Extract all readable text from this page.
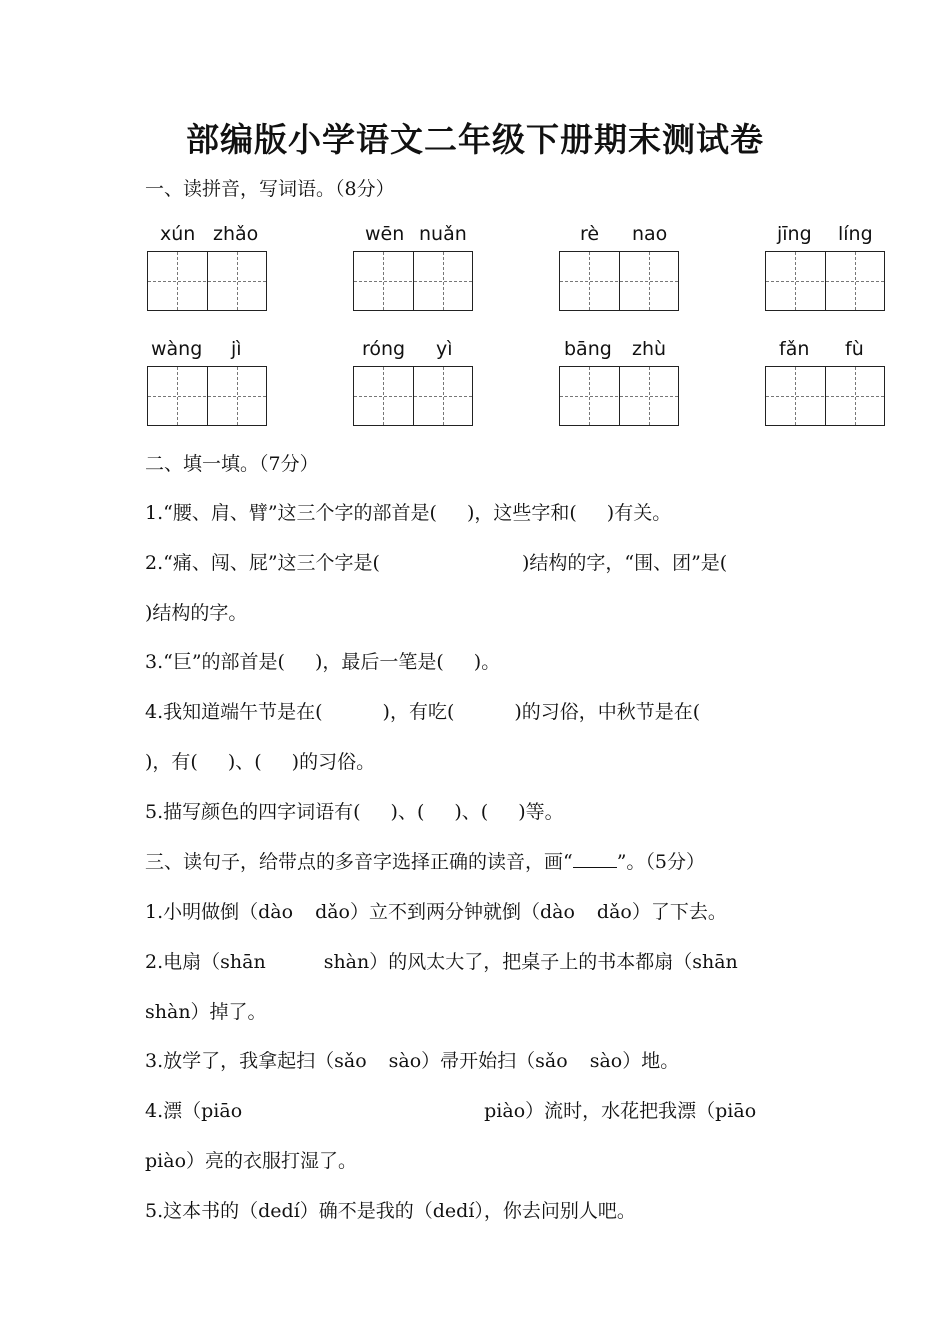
部编版小学语文二年级下册期末测试卷
一、读拼音，写词语。（8分）
xún zhǎo	wēn nuǎn	rè nao	jīng líng
wàng jì	róng yì	bāng zhù	fǎn fù
二、填一填。（7分）
1.“腰、肩、臂”这三个字的部首是( )，这些字和( )有关。
2.“痛、闯、屁”这三个字是(	)结构的字，“围、团”是(
)结构的字。
3.“巨”的部首是( )，最后一笔是( )。
4.我知道端午节是在(	)，有吃(	)的习俗，中秋节是在(
)，有( )、( )的习俗。
5.描写颜色的四字词语有( )、( )、( )等。
三、读句子，给带点的多音字选择正确的读音，画“ ”。（5分）
1.小明做倒（dào dǎo）立不到两分钟就倒（dào dǎo）了下去。
2.电扇（shān	shàn）的风太大了，把桌子上的书本都扇（shān
shàn）掉了。
3.放学了，我拿起扫（sǎo sào）帚开始扫（sǎo sào）地。
4.漂（piāo	piào）流时，水花把我漂（piāo
piào）亮的衣服打湿了。
5.这本书的（dedí）确不是我的（dedí），你去问别人吧。
